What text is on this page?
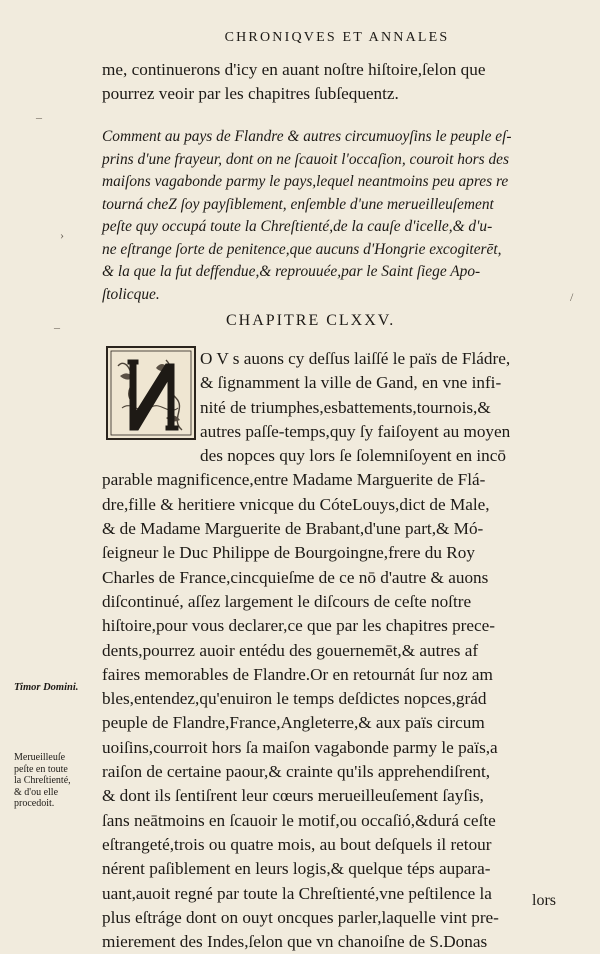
CHRONIQVES ET ANNALES
me, continuerons d'icy en auant noſtre hiſtoire,ſelon que
pourrez veoir par les chapitres ſubſequentz.
Comment au pays de Flandre & autres circumuoyſins le peuple eſ-
prins d'une frayeur, dont on ne ſcauoit l'occaſion, couroit hors des
maiſons vagabonde parmy le pays,lequel neantmoins peu apres re
tourná cheZ ſoy payſiblement, enſemble d'une merueilleuſement
peſte quy occupá toute la Chreſtienté,de la cauſe d'icelle,& d'u-
ne eſtrange ſorte de penitence,que aucuns d'Hongrie excogiterēt,
& la que la fut deffendue,& reprouuée,par le Saint ſiege Apo-
ſtolicque.
CHAPITRE CLXXV.
O V s auons cy deſſus laiſſé le païs de Fládre,
& ſignamment la ville de Gand, en vne infi-
nité de triumphes,esbattements,tournois,&
autres paſſe-temps,quy ſy faiſoyent au moyen
des nopces quy lors ſe ſolemniſoyent en incō
parable magnificence,entre Madame Marguerite de Flá-
dre,fille & heritiere vnicque du CóteLouys,dict de Male,
& de Madame Marguerite de Brabant,d'une part,& Mó-
ſeigneur le Duc Philippe de Bourgoingne,frere du Roy
Charles de France,cincquieſme de ce nō d'autre & auons
diſcontinué, aſſez largement le diſcours de ceſte noſtre
hiſtoire,pour vous declarer,ce que par les chapitres prece-
dents,pourrez auoir entédu des gouernemēt,& autres af
faires memorables de Flandre.Or en retournát ſur noz am
bles,entendez,qu'enuiron le temps deſdictes nopces,grád
peuple de Flandre,France,Angleterre,& aux païs circum
uoiſins,courroit hors ſa maiſon vagabonde parmy le païs,a
raiſon de certaine paour,& crainte qu'ils apprehendiſrent,
& dont ils ſentiſrent leur cœurs merueilleuſement ſayſis,
ſans neātmoins en ſcauoir le motif,ou occaſió,&durá ceſte
eſtrangeté,trois ou quatre mois, au bout deſquels il retour
nérent paſiblement en leurs logis,& quelque téps aupara-
uant,auoit regné par toute la Chreſtienté,vne peſtilence la
plus eſtráge dont on ouyt oncques parler,laquelle vint pre-
mierement des Indes,ſelon que vn chanoiſne de S.Donas
Timor Domini.
Merueilleuſe
peſte en toute
la Chreſtienté,
& d'ou elle
procedoit.
lors
–
›
–
/
